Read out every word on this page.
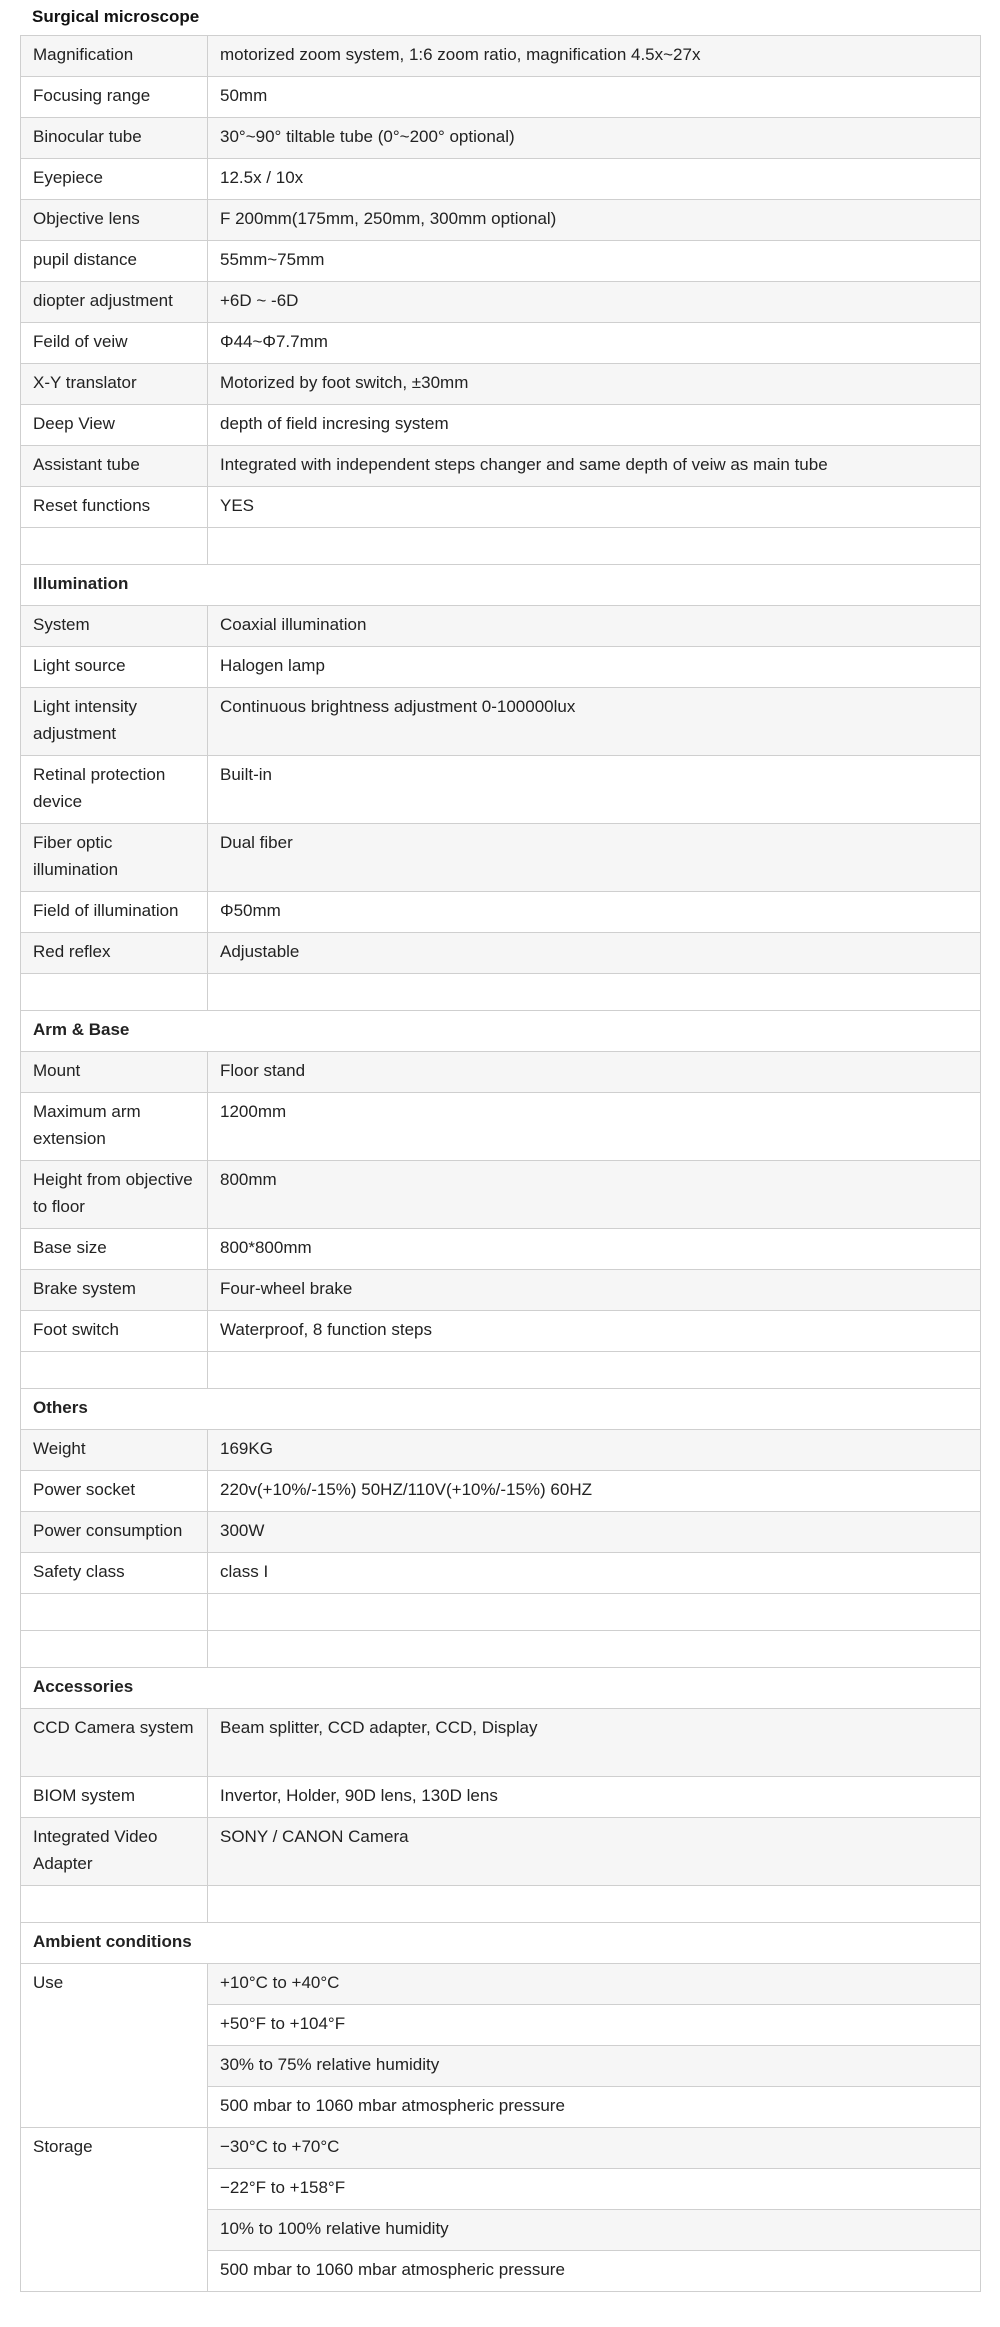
Surgical microscope
Magnification	motorized zoom system, 1:6 zoom ratio, magnification 4.5x~27x
Focusing range	50mm
Binocular tube	30°~90° tiltable tube (0°~200° optional)
Eyepiece	12.5x / 10x
Objective lens	F 200mm(175mm, 250mm, 300mm optional)
pupil distance	55mm~75mm
diopter adjustment	+6D ~ -6D
Feild of veiw	Φ44~Φ7.7mm
X-Y translator	Motorized by foot switch, ±30mm
Deep View	depth of field incresing system
Assistant tube	Integrated with independent steps changer and same depth of veiw as main tube
Reset functions	YES

Illumination	
System	Coaxial illumination
Light source	Halogen lamp
Light intensity adjustment	Continuous brightness adjustment 0-100000lux
Retinal protection device	Built-in
Fiber optic illumination	Dual fiber
Field of illumination	Φ50mm
Red reflex	Adjustable

Arm & Base	
Mount	Floor stand
Maximum arm extension	1200mm
Height from objective to floor	800mm
Base size	800*800mm
Brake system	Four-wheel brake
Foot switch	Waterproof, 8 function steps

Others	
Weight	169KG
Power socket	220v(+10%/-15%) 50HZ/110V(+10%/-15%) 60HZ
Power consumption	300W
Safety class	class I

Accessories	
CCD Camera system	Beam splitter, CCD adapter, CCD, Display
BIOM system	Invertor, Holder, 90D lens, 130D lens
Integrated Video Adapter	SONY / CANON Camera

Ambient conditions	
Use	+10°C to +40°C
	+50°F to +104°F
	30% to 75% relative humidity
	500 mbar to 1060 mbar atmospheric pressure
Storage	−30°C to +70°C
	−22°F to +158°F
	10% to 100% relative humidity
	500 mbar to 1060 mbar atmospheric pressure
